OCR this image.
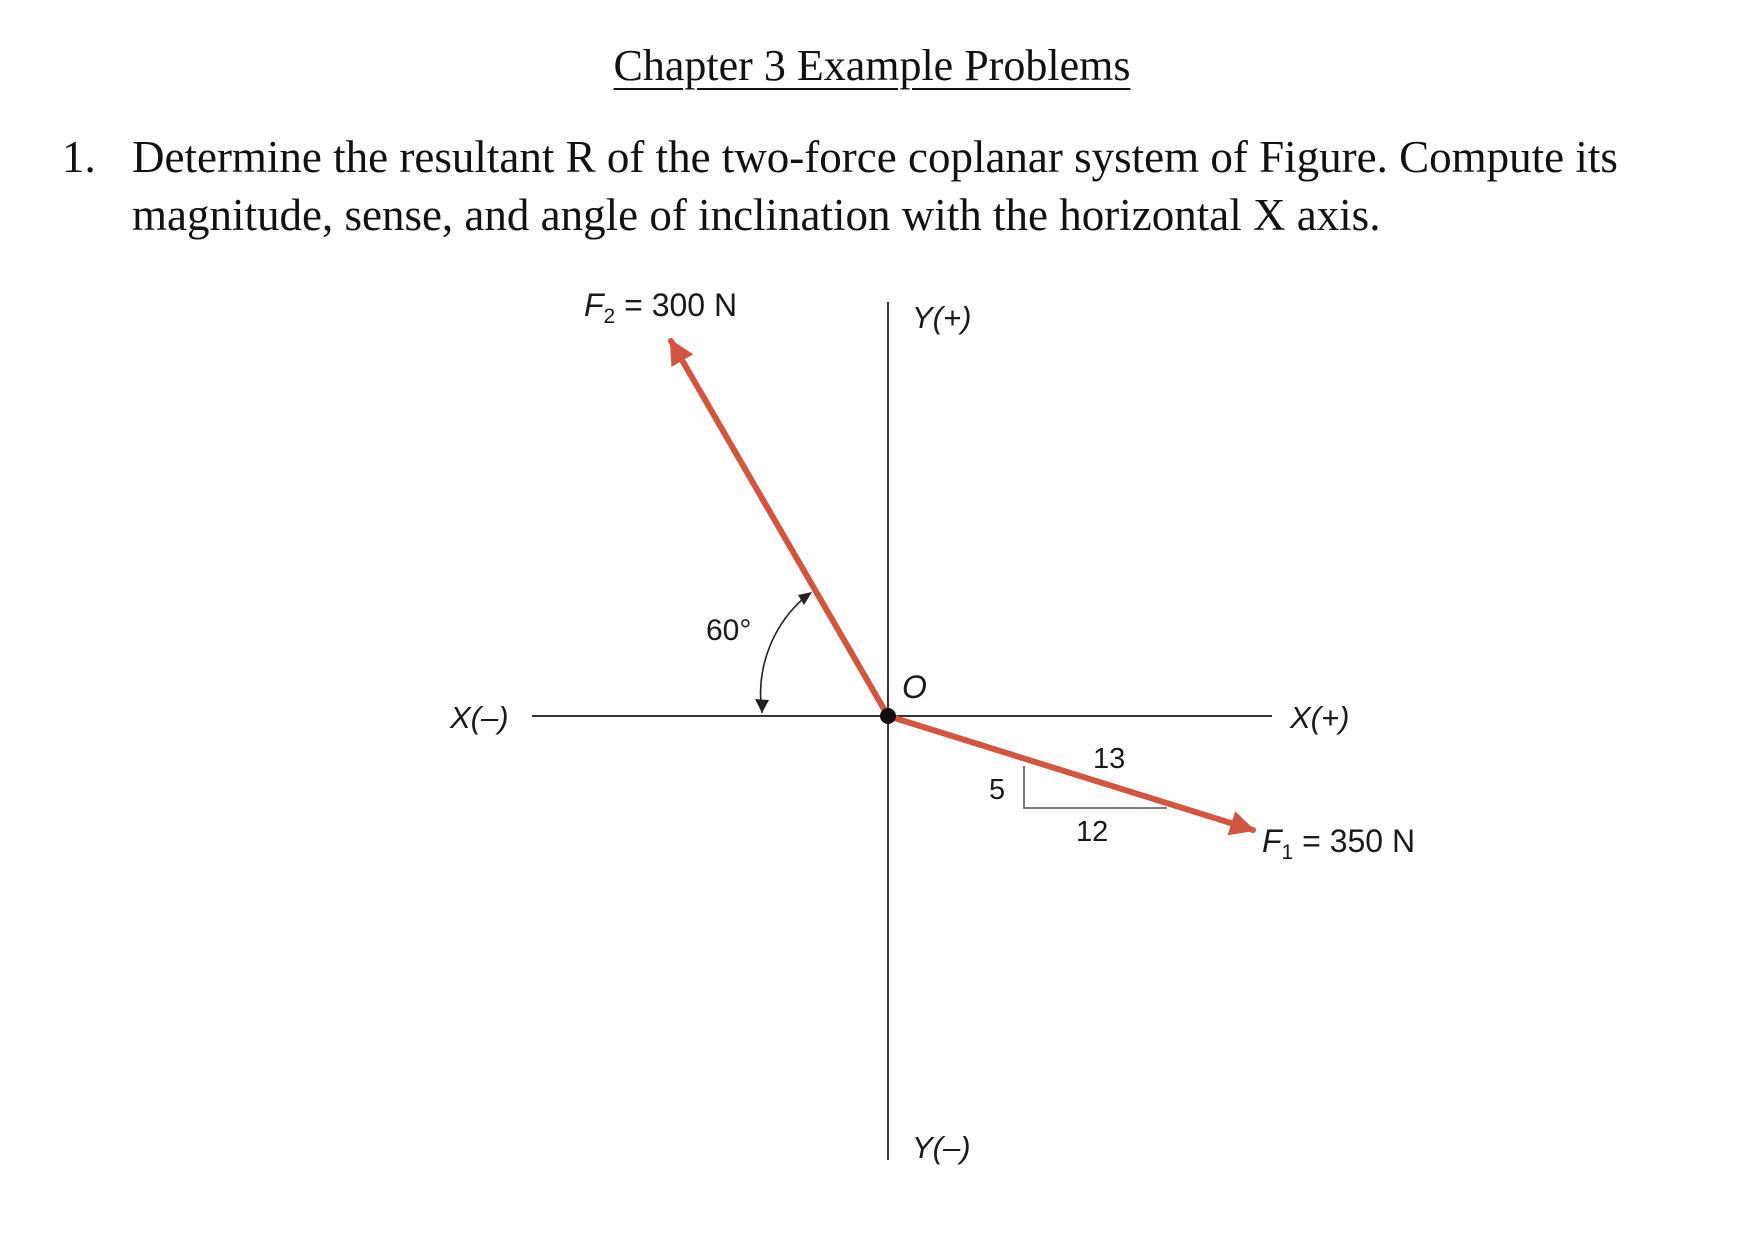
Chapter 3 Example Problems
1. Determine the resultant R of the two-force coplanar system of Figure. Compute its magnitude, sense, and angle of inclination with the horizontal X axis.
X(–)	X(+)
Y(+)
Y(–)
O
$F_2 = 300$ N
$F_1 = 350$ N
60°
5
13
12
